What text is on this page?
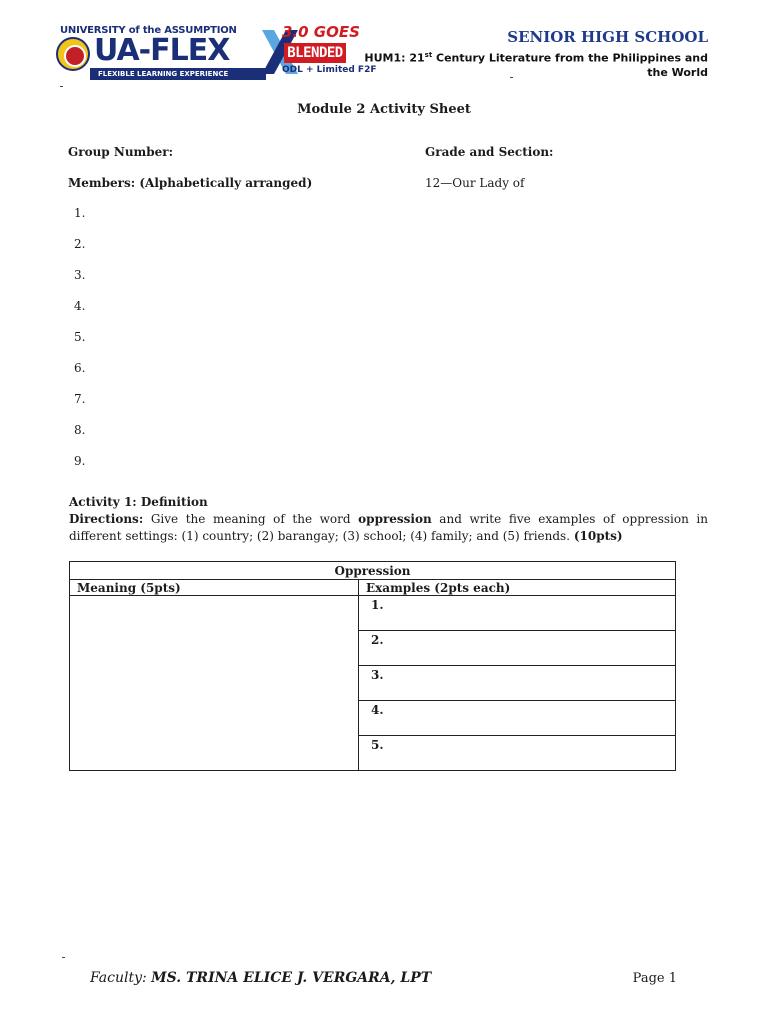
UNIVERSITY of the ASSUMPTION
UA-FLEX
FLEXIBLE LEARNING EXPERIENCE
3.0 GOES
BLENDED
ODL + Limited F2F
SENIOR HIGH SCHOOL
HUM1: 21st Century Literature from the Philippines and the World
Module 2 Activity Sheet
Group Number:	Grade and Section:
Members: (Alphabetically arranged)	12—Our Lady of
1.
2.
3.
4.
5.
6.
7.
8.
9.
Activity 1: Definition
Directions: Give the meaning of the word oppression and write five examples of oppression in different settings: (1) country; (2) barangay; (3) school; (4) family; and (5) friends. (10pts)
Oppression	
Meaning (5pts)	Examples (2pts each)
	1.
	2.
	3.
	4.
	5.
Faculty: MS. TRINA ELICE J. VERGARA, LPT	Page 1
